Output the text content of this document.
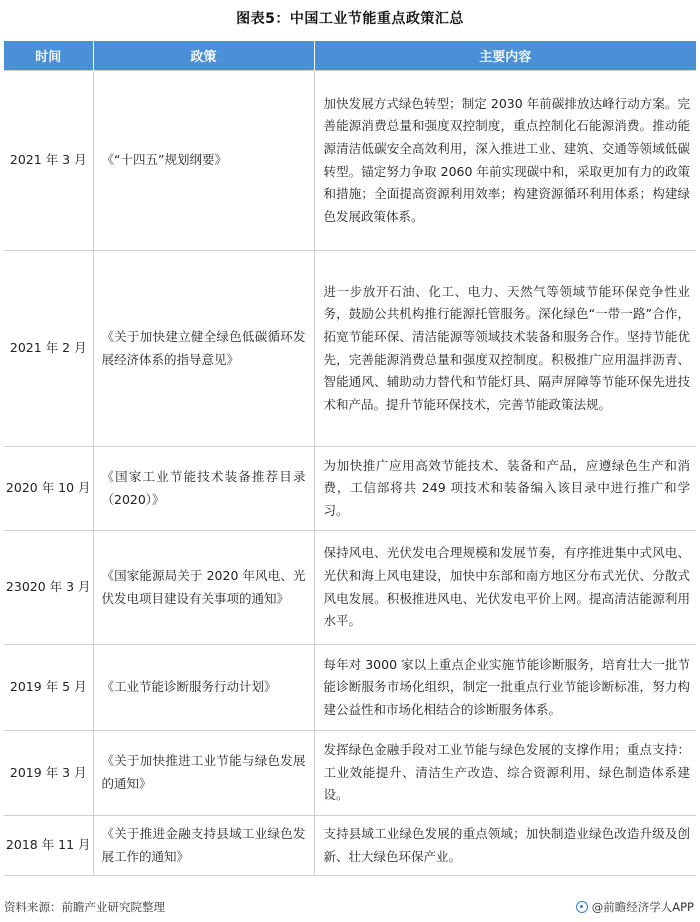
图表5：中国工业节能重点政策汇总
时间	政策	主要内容
2021 年 3 月	《“十四五”规划纲要》	加快发展方式绿色转型；制定 2030 年前碳排放达峰行动方案。完善能源消费总量和强度双控制度，重点控制化石能源消费。推动能源清洁低碳安全高效利用，深入推进工业、建筑、交通等领域低碳转型。锚定努力争取 2060 年前实现碳中和，采取更加有力的政策和措施；全面提高资源利用效率；构建资源循环利用体系；构建绿色发展政策体系。
2021 年 2 月	《关于加快建立健全绿色低碳循环发展经济体系的指导意见》	进一步放开石油、化工、电力、天然气等领域节能环保竞争性业务，鼓励公共机构推行能源托管服务。深化绿色“一带一路”合作，拓宽节能环保、清洁能源等领域技术装备和服务合作。坚持节能优先，完善能源消费总量和强度双控制度。积极推广应用温拌沥青、智能通风、辅助动力替代和节能灯具、隔声屏障等节能环保先进技术和产品。提升节能环保技术，完善节能政策法规。
2020 年 10 月	《国家工业节能技术装备推荐目录（2020）》	为加快推广应用高效节能技术、装备和产品，应遵绿色生产和消费，工信部将共 249 项技术和装备编入该目录中进行推广和学习。
23020 年 3 月	《国家能源局关于 2020 年风电、光伏发电项目建设有关事项的通知》	保持风电、光伏发电合理规模和发展节奏，有序推进集中式风电、光伏和海上风电建设，加快中东部和南方地区分布式光伏、分散式风电发展。积极推进风电、光伏发电平价上网。提高清洁能源利用水平。
2019 年 5 月	《工业节能诊断服务行动计划》	每年对 3000 家以上重点企业实施节能诊断服务，培育壮大一批节能诊断服务市场化组织，制定一批重点行业节能诊断标准，努力构建公益性和市场化相结合的诊断服务体系。
2019 年 3 月	《关于加快推进工业节能与绿色发展的通知》	发挥绿色金融手段对工业节能与绿色发展的支撑作用；重点支持：工业效能提升、清洁生产改造、综合资源利用、绿色制造体系建设。
2018 年 11 月	《关于推进金融支持县域工业绿色发展工作的通知》	支持县域工业绿色发展的重点领域；加快制造业绿色改造升级及创新、壮大绿色环保产业。
资料来源：前瞻产业研究院整理	@前瞻经济学人APP
